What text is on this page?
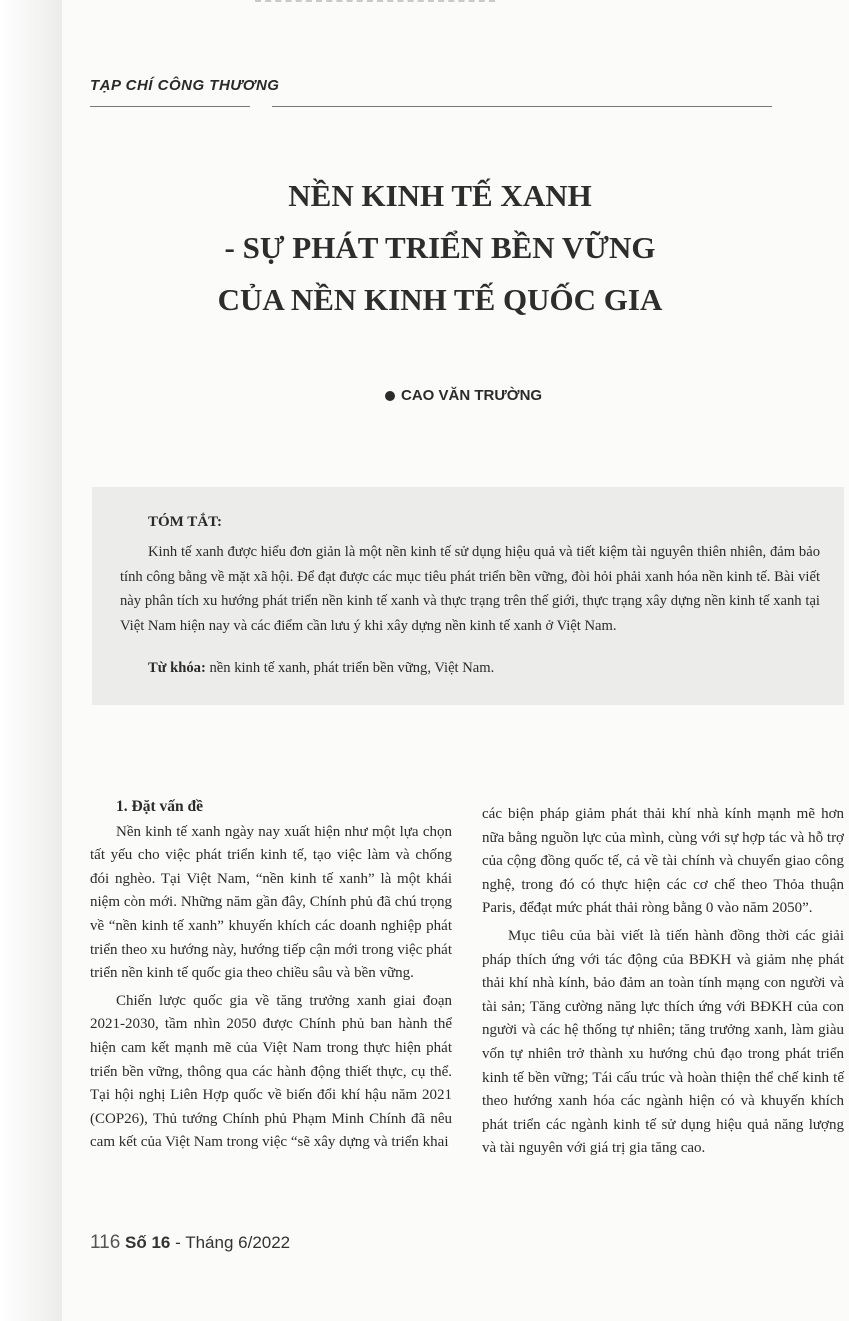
TẠP CHÍ CÔNG THƯƠNG
NỀN KINH TẾ XANH
- SỰ PHÁT TRIỂN BỀN VỮNG
CỦA NỀN KINH TẾ QUỐC GIA
CAO VĂN TRƯỜNG
TÓM TẮT:

Kinh tế xanh được hiểu đơn giản là một nền kinh tế sử dụng hiệu quả và tiết kiệm tài nguyên thiên nhiên, đảm bảo tính công bằng về mặt xã hội. Để đạt được các mục tiêu phát triển bền vững, đòi hỏi phải xanh hóa nền kinh tế. Bài viết này phân tích xu hướng phát triển nền kinh tế xanh và thực trạng trên thế giới, thực trạng xây dựng nền kinh tế xanh tại Việt Nam hiện nay và các điểm cần lưu ý khi xây dựng nền kinh tế xanh ở Việt Nam.

Từ khóa: nền kinh tế xanh, phát triển bền vững, Việt Nam.
1. Đặt vấn đề

Nền kinh tế xanh ngày nay xuất hiện như một lựa chọn tất yếu cho việc phát triển kinh tế, tạo việc làm và chống đói nghèo. Tại Việt Nam, “nền kinh tế xanh” là một khái niệm còn mới. Những năm gần đây, Chính phủ đã chú trọng về “nền kinh tế xanh” khuyến khích các doanh nghiệp phát triển theo xu hướng này, hướng tiếp cận mới trong việc phát triển nền kinh tế quốc gia theo chiều sâu và bền vững.

Chiến lược quốc gia về tăng trưởng xanh giai đoạn 2021-2030, tầm nhìn 2050 được Chính phủ ban hành thể hiện cam kết mạnh mẽ của Việt Nam trong thực hiện phát triển bền vững, thông qua các hành động thiết thực, cụ thể. Tại hội nghị Liên Hợp quốc về biến đổi khí hậu năm 2021 (COP26), Thủ tướng Chính phủ Phạm Minh Chính đã nêu cam kết của Việt Nam trong việc “sẽ xây dựng và triển khai

các biện pháp giảm phát thải khí nhà kính mạnh mẽ hơn nữa bằng nguồn lực của mình, cùng với sự hợp tác và hỗ trợ của cộng đồng quốc tế, cả về tài chính và chuyển giao công nghệ, trong đó có thực hiện các cơ chế theo Thỏa thuận Paris, đểđạt mức phát thải ròng bằng 0 vào năm 2050”.

Mục tiêu của bài viết là tiến hành đồng thời các giải pháp thích ứng với tác động của BĐKH và giảm nhẹ phát thải khí nhà kính, bảo đảm an toàn tính mạng con người và tài sản; Tăng cường năng lực thích ứng với BĐKH của con người và các hệ thống tự nhiên; tăng trưởng xanh, làm giàu vốn tự nhiên trở thành xu hướng chủ đạo trong phát triển kinh tế bền vững; Tái cấu trúc và hoàn thiện thể chế kinh tế theo hướng xanh hóa các ngành hiện có và khuyến khích phát triển các ngành kinh tế sử dụng hiệu quả năng lượng và tài nguyên với giá trị gia tăng cao.

116 Số 16 - Tháng 6/2022
